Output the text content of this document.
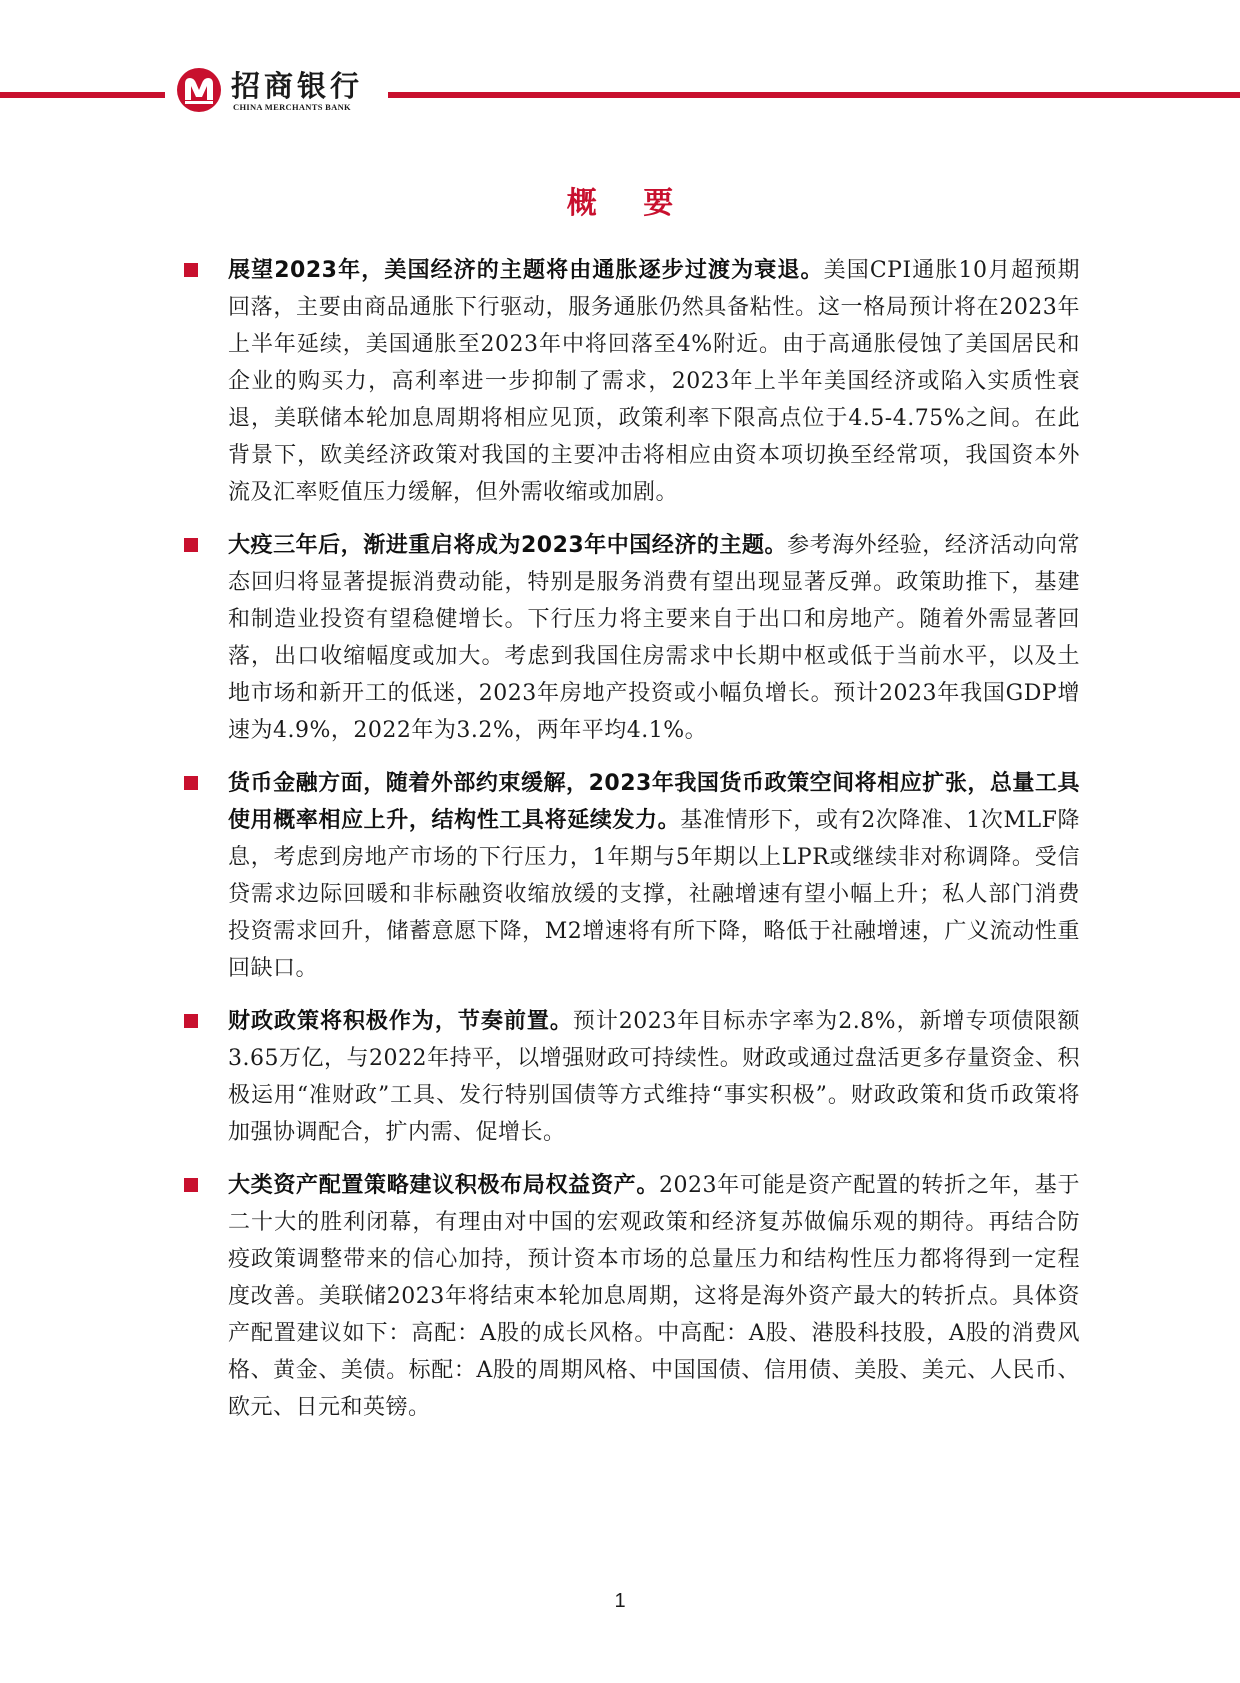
招商银行
CHINA MERCHANTS BANK
概 要
展望2023年，美国经济的主题将由通胀逐步过渡为衰退。美国CPI通胀10月超预期回落，主要由商品通胀下行驱动，服务通胀仍然具备粘性。这一格局预计将在2023年上半年延续，美国通胀至2023年中将回落至4%附近。由于高通胀侵蚀了美国居民和企业的购买力，高利率进一步抑制了需求，2023年上半年美国经济或陷入实质性衰退，美联储本轮加息周期将相应见顶，政策利率下限高点位于4.5-4.75%之间。在此背景下，欧美经济政策对我国的主要冲击将相应由资本项切换至经常项，我国资本外流及汇率贬值压力缓解，但外需收缩或加剧。
大疫三年后，渐进重启将成为2023年中国经济的主题。参考海外经验，经济活动向常态回归将显著提振消费动能，特别是服务消费有望出现显著反弹。政策助推下，基建和制造业投资有望稳健增长。下行压力将主要来自于出口和房地产。随着外需显著回落，出口收缩幅度或加大。考虑到我国住房需求中长期中枢或低于当前水平，以及土地市场和新开工的低迷，2023年房地产投资或小幅负增长。预计2023年我国GDP增速为4.9%，2022年为3.2%，两年平均4.1%。
货币金融方面，随着外部约束缓解，2023年我国货币政策空间将相应扩张，总量工具使用概率相应上升，结构性工具将延续发力。基准情形下，或有2次降准、1次MLF降息，考虑到房地产市场的下行压力，1年期与5年期以上LPR或继续非对称调降。受信贷需求边际回暖和非标融资收缩放缓的支撑，社融增速有望小幅上升；私人部门消费投资需求回升，储蓄意愿下降，M2增速将有所下降，略低于社融增速，广义流动性重回缺口。
财政政策将积极作为，节奏前置。预计2023年目标赤字率为2.8%，新增专项债限额3.65万亿，与2022年持平，以增强财政可持续性。财政或通过盘活更多存量资金、积极运用“准财政”工具、发行特别国债等方式维持“事实积极”。财政政策和货币政策将加强协调配合，扩内需、促增长。
大类资产配置策略建议积极布局权益资产。2023年可能是资产配置的转折之年，基于二十大的胜利闭幕，有理由对中国的宏观政策和经济复苏做偏乐观的期待。再结合防疫政策调整带来的信心加持，预计资本市场的总量压力和结构性压力都将得到一定程度改善。美联储2023年将结束本轮加息周期，这将是海外资产最大的转折点。具体资产配置建议如下：高配：A股的成长风格。中高配：A股、港股科技股，A股的消费风格、黄金、美债。标配：A股的周期风格、中国国债、信用债、美股、美元、人民币、欧元、日元和英镑。
1
